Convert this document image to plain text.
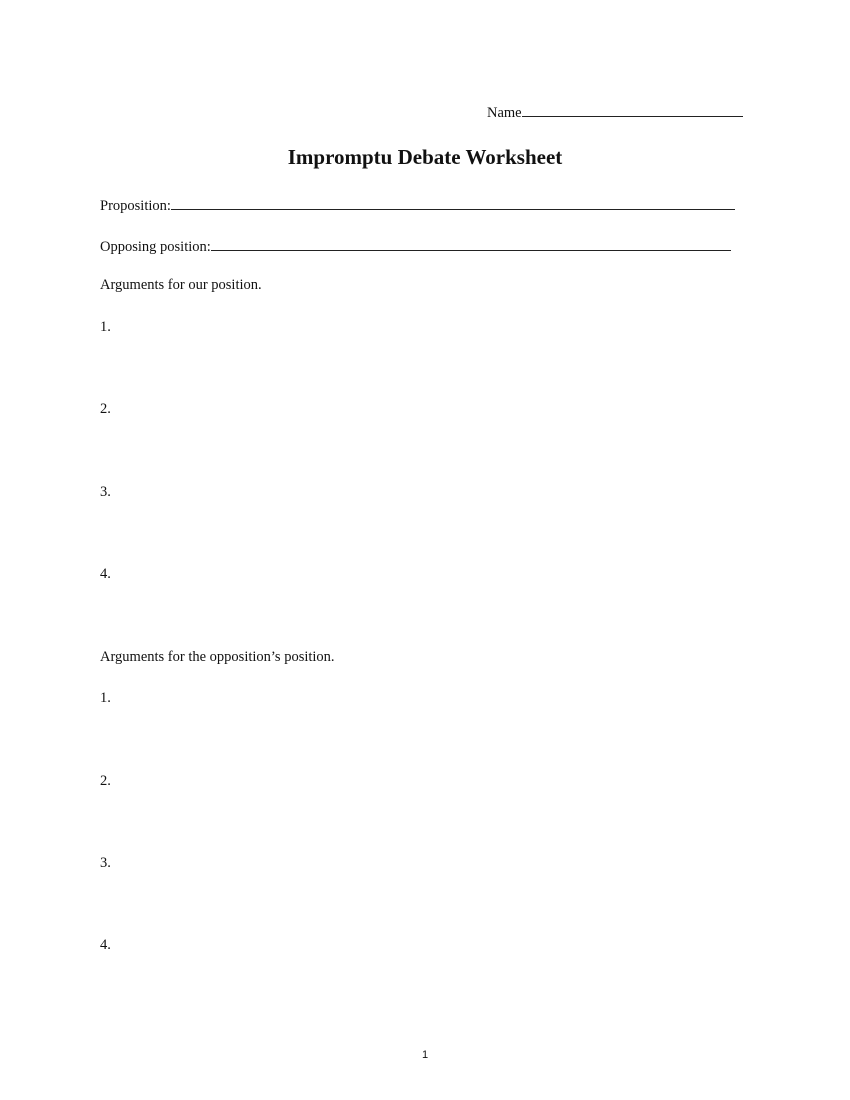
Name
Impromptu Debate Worksheet
Proposition:
Opposing position:
Arguments for our position.
1.
2.
3.
4.
Arguments for the opposition’s position.
1.
2.
3.
4.
1
